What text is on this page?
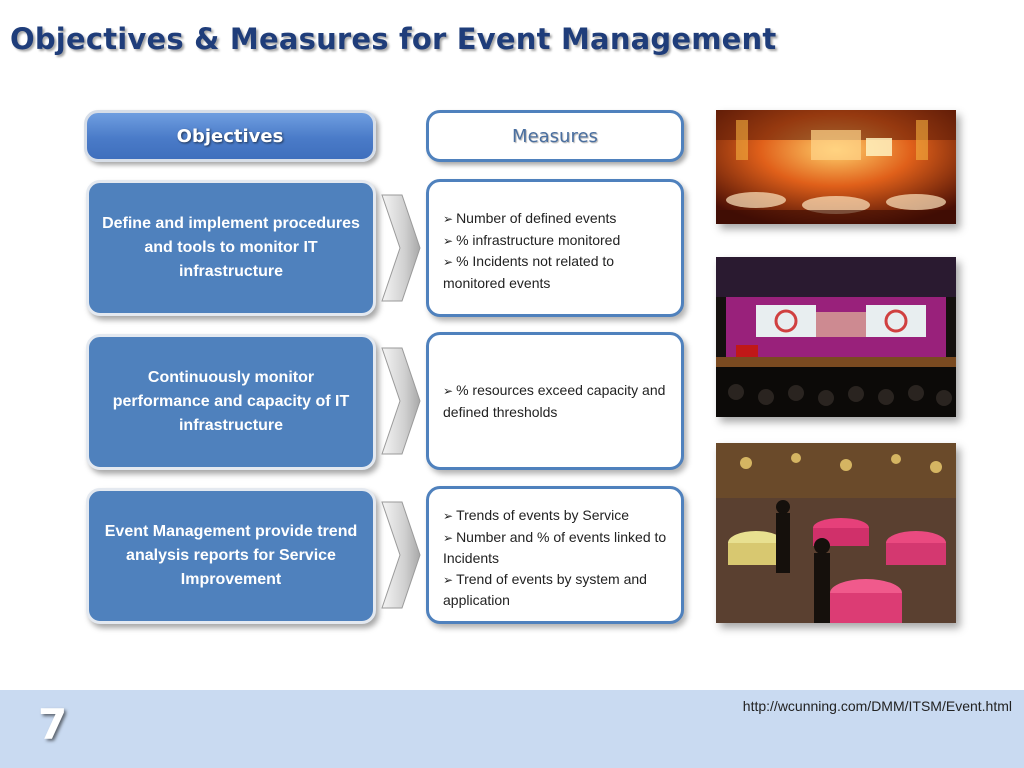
Objectives & Measures for Event Management
Objectives	Measures
Define and implement procedures and tools to monitor IT infrastructure
➢ Number of defined events
➢ % infrastructure monitored
➢ % Incidents not related to monitored events
Continuously monitor performance and capacity of IT infrastructure
➢ % resources exceed capacity and defined thresholds
Event Management provide trend analysis reports for Service Improvement
➢ Trends of events by Service
➢ Number and % of events linked to Incidents
➢ Trend of events by system and application
7	http://wcunning.com/DMM/ITSM/Event.html
